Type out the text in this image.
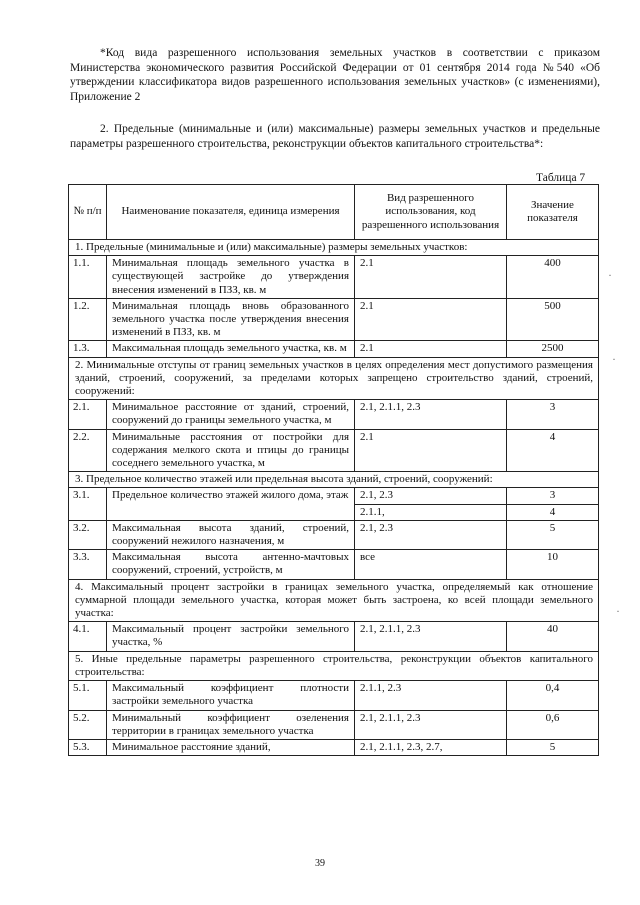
*Код вида разрешенного использования земельных участков в соответствии с приказом Министерства экономического развития Российской Федерации от 01 сентября 2014 года №540 «Об утверждении классификатора видов разрешенного использования земельных участков» (с изменениями), Приложение 2
2. Предельные (минимальные и (или) максимальные) размеры земельных участков и предельные параметры разрешенного строительства, реконструкции объектов капитального строительства*:
Таблица 7
№ п/п	Наименование показателя, единица измерения	Вид разрешенного использования, код разрешенного использования	Значение показателя
1. Предельные (минимальные и (или) максимальные) размеры земельных участков:			
1.1.	Минимальная площадь земельного участка в существующей застройке до утверждения внесения изменений в ПЗЗ, кв. м	2.1	400
1.2.	Минимальная площадь вновь образованного земельного участка после утверждения внесения изменений в ПЗЗ, кв. м	2.1	500
1.3.	Максимальная площадь земельного участка, кв. м	2.1	2500
2. Минимальные отступы от границ земельных участков в целях определения мест допустимого размещения зданий, строений, сооружений, за пределами которых запрещено строительство зданий, строений, сооружений:			
2.1.	Минимальное расстояние от зданий, строений, сооружений до границы земельного участка, м	2.1, 2.1.1, 2.3	3
2.2.	Минимальные расстояния от постройки для содержания мелкого скота и птицы до границы соседнего земельного участка, м	2.1	4
3. Предельное количество этажей или предельная высота зданий, строений, сооружений:			
3.1.	Предельное количество этажей жилого дома, этаж	2.1, 2.3	3
		2.1.1,	4
3.2.	Максимальная высота зданий, строений, сооружений нежилого назначения, м	2.1, 2.3	5
3.3.	Максимальная высота антенно-мачтовых сооружений, строений, устройств, м	все	10
4. Максимальный процент застройки в границах земельного участка, определяемый как отношение суммарной площади земельного участка, которая может быть застроена, ко всей площади земельного участка:			
4.1.	Максимальный процент застройки земельного участка, %	2.1, 2.1.1, 2.3	40
5. Иные предельные параметры разрешенного строительства, реконструкции объектов капитального строительства:			
5.1.	Максимальный коэффициент плотности застройки земельного участка	2.1.1, 2.3	0,4
5.2.	Минимальный коэффициент озеленения территории в границах земельного участка	2.1, 2.1.1, 2.3	0,6
5.3.	Минимальное расстояние зданий,	2.1, 2.1.1, 2.3, 2.7,	5
39
·
·
·
